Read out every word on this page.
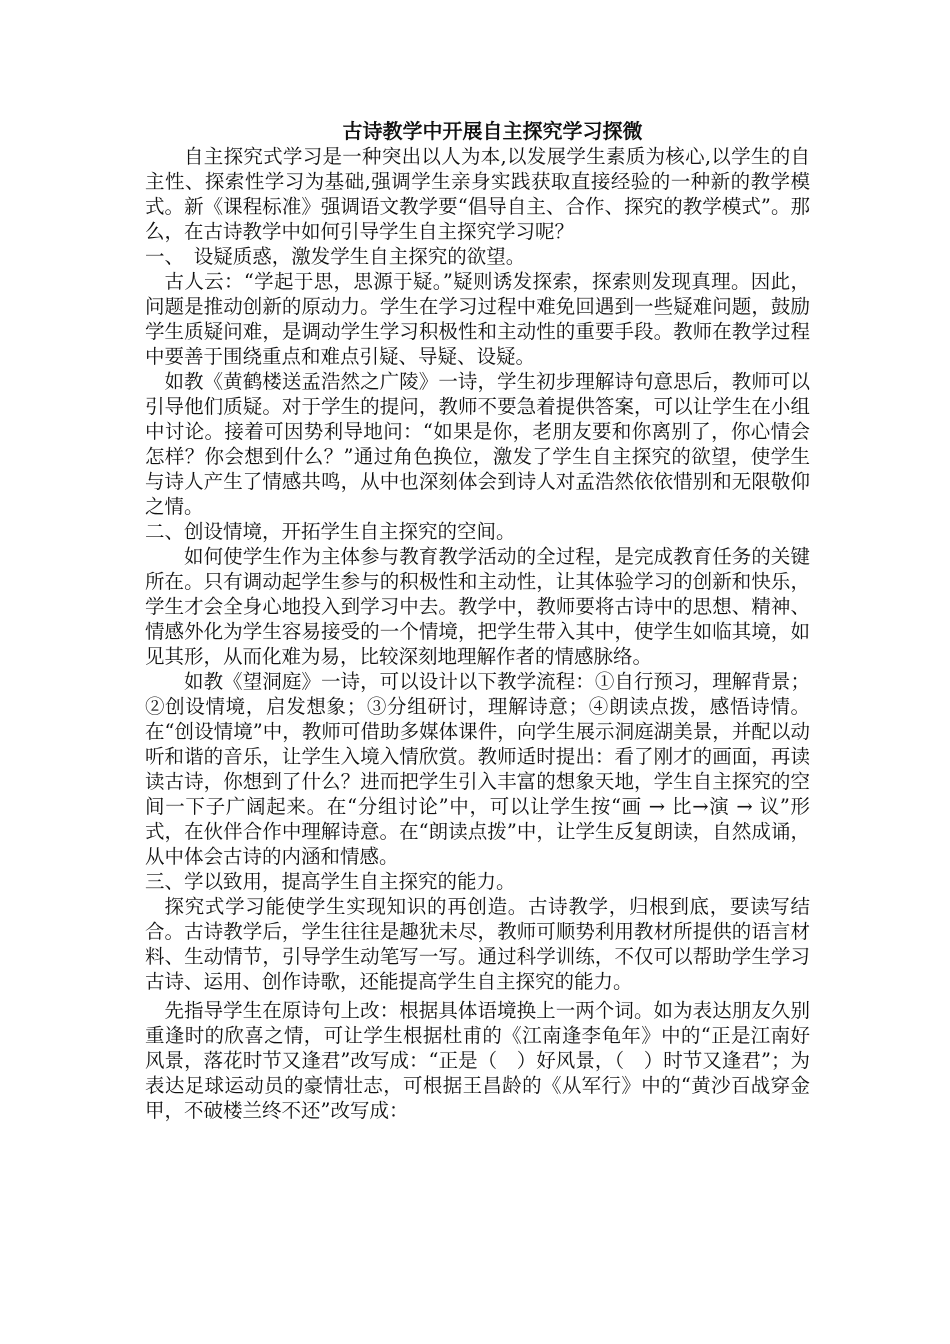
古诗教学中开展自主探究学习探微

自主探究式学习是一种突出以人为本,以发展学生素质为核心,以学生的自主性、探索性学习为基础,强调学生亲身实践获取直接经验的一种新的教学模式。新《课程标准》强调语文教学要“倡导自主、合作、探究的教学模式”。那么，在古诗教学中如何引导学生自主探究学习呢？

一、　设疑质惑，激发学生自主探究的欲望。

古人云：“学起于思，思源于疑。”疑则诱发探索，探索则发现真理。因此，问题是推动创新的原动力。学生在学习过程中难免回遇到一些疑难问题，鼓励学生质疑问难，是调动学生学习积极性和主动性的重要手段。教师在教学过程中要善于围绕重点和难点引疑、导疑、设疑。

如教《黄鹤楼送孟浩然之广陵》一诗，学生初步理解诗句意思后，教师可以引导他们质疑。对于学生的提问，教师不要急着提供答案，可以让学生在小组中讨论。接着可因势利导地问：“如果是你，老朋友要和你离别了，你心情会怎样？你会想到什么？”通过角色换位，激发了学生自主探究的欲望，使学生与诗人产生了情感共鸣，从中也深刻体会到诗人对孟浩然依依惜别和无限敬仰之情。

二、创设情境，开拓学生自主探究的空间。

如何使学生作为主体参与教育教学活动的全过程，是完成教育任务的关键所在。只有调动起学生参与的积极性和主动性，让其体验学习的创新和快乐，学生才会全身心地投入到学习中去。教学中，教师要将古诗中的思想、精神、情感外化为学生容易接受的一个情境，把学生带入其中，使学生如临其境，如见其形，从而化难为易，比较深刻地理解作者的情感脉络。

如教《望洞庭》一诗，可以设计以下教学流程：①自行预习，理解背景；②创设情境，启发想象；③分组研讨，理解诗意；④朗读点拨，感悟诗情。在“创设情境”中，教师可借助多媒体课件，向学生展示洞庭湖美景，并配以动听和谐的音乐，让学生入境入情欣赏。教师适时提出：看了刚才的画面，再读读古诗，你想到了什么？进而把学生引入丰富的想象天地，学生自主探究的空间一下子广阔起来。在“分组讨论”中，可以让学生按“画 → 比→演 → 议”形式，在伙伴合作中理解诗意。在“朗读点拨”中，让学生反复朗读，自然成诵，从中体会古诗的内涵和情感。

三、学以致用，提高学生自主探究的能力。

探究式学习能使学生实现知识的再创造。古诗教学，归根到底，要读写结合。古诗教学后，学生往往是趣犹未尽，教师可顺势利用教材所提供的语言材料、生动情节，引导学生动笔写一写。通过科学训练，不仅可以帮助学生学习古诗、运用、创作诗歌，还能提高学生自主探究的能力。

先指导学生在原诗句上改：根据具体语境换上一两个词。如为表达朋友久别重逢时的欣喜之情，可让学生根据杜甫的《江南逢李龟年》中的“正是江南好风景，落花时节又逢君”改写成：“正是（　）好风景，（　）时节又逢君”；为表达足球运动员的豪情壮志，可根据王昌龄的《从军行》中的“黄沙百战穿金甲，不破楼兰终不还”改写成：
